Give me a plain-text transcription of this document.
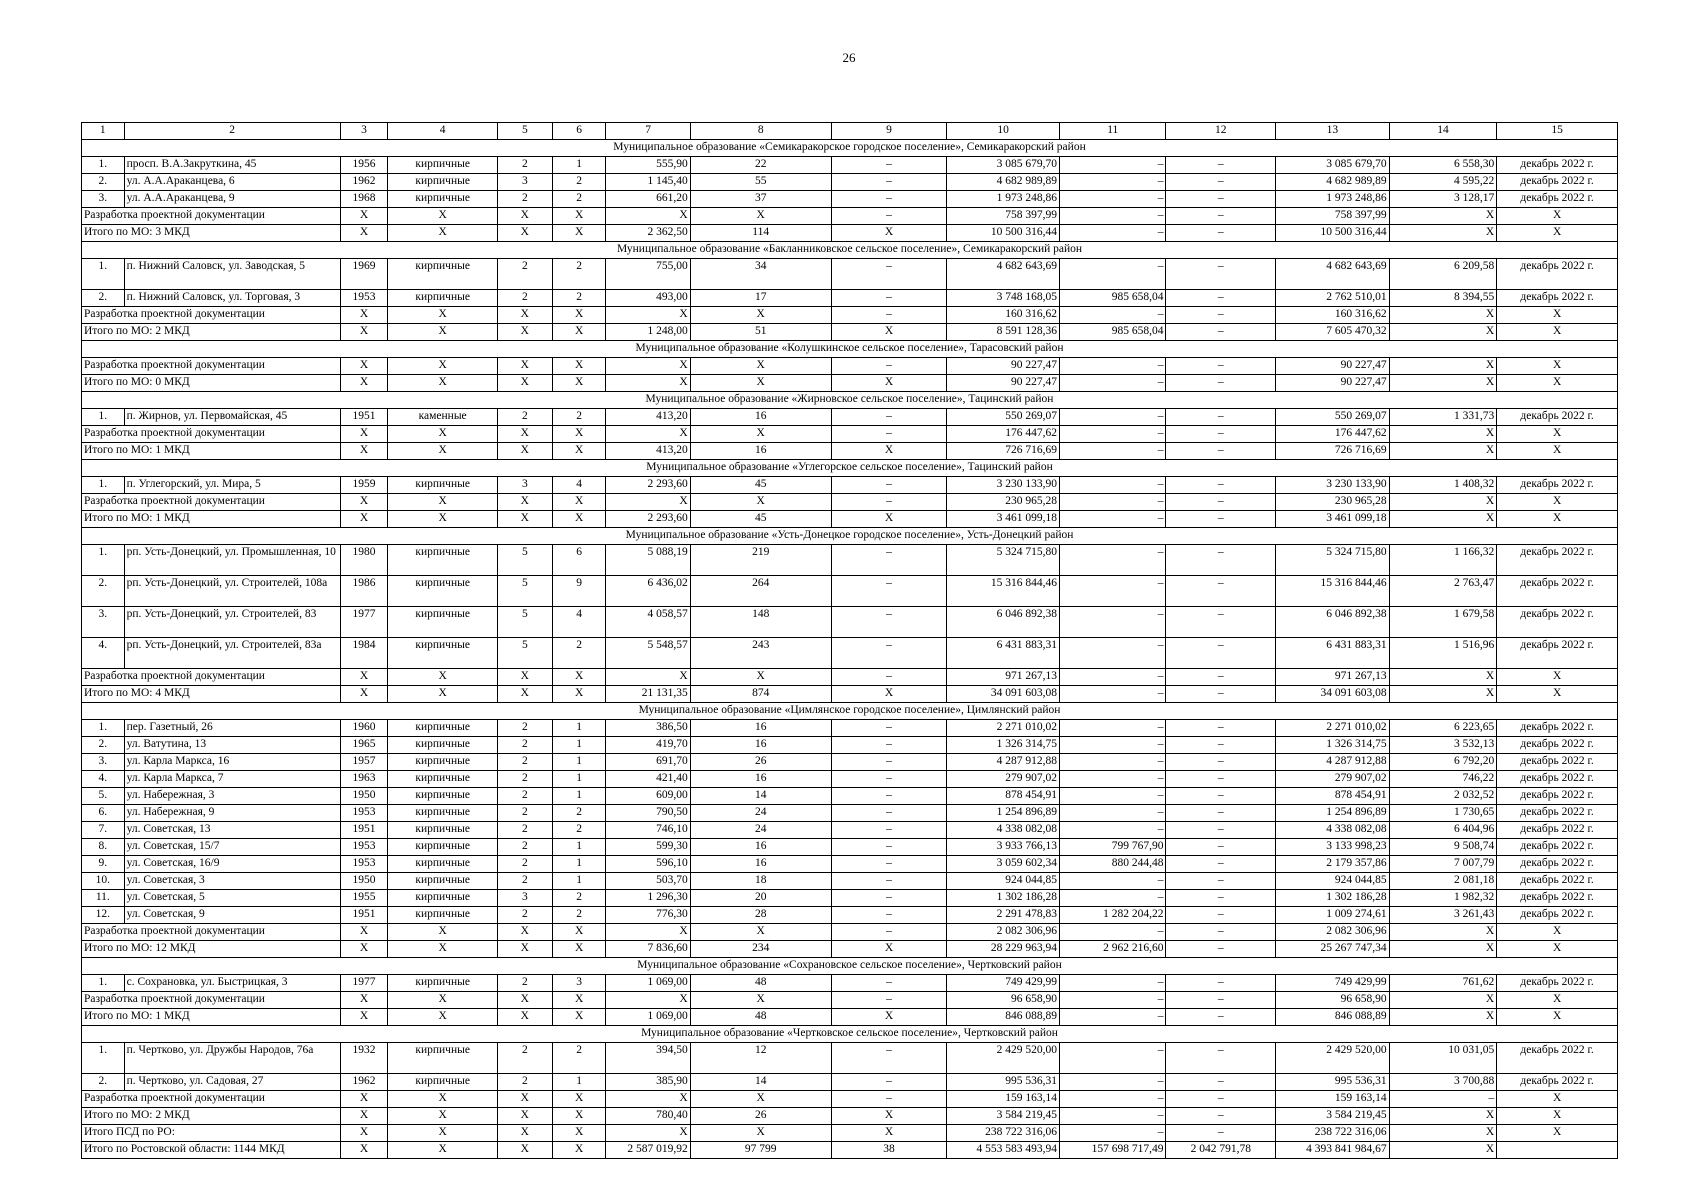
26
1	2	3	4	5	6	7	8	9	10	11	12	13	14	15
Муниципальное образование «Семикаракорское городское поселение», Семикаракорский район														
1.	просп. В.А.Закруткина, 45	1956	кирпичные	2	1	555,90	22	–	3 085 679,70	–	–	3 085 679,70	6 558,30	декабрь 2022 г.
2.	ул. А.А.Араканцева, 6	1962	кирпичные	3	2	1 145,40	55	–	4 682 989,89	–	–	4 682 989,89	4 595,22	декабрь 2022 г.
3.	ул. А.А.Араканцева, 9	1968	кирпичные	2	2	661,20	37	–	1 973 248,86	–	–	1 973 248,86	3 128,17	декабрь 2022 г.
Разработка проектной документации		X	X	X	X	X	X	–	758 397,99	–	–	758 397,99	X	X
Итого по МО: 3 МКД		X	X	X	X	2 362,50	114	X	10 500 316,44	–	–	10 500 316,44	X	X
Муниципальное образование «Бакланниковское сельское поселение», Семикаракорский район														
1.	п. Нижний Саловск, ул. Заводская, 5	1969	кирпичные	2	2	755,00	34	–	4 682 643,69	–	–	4 682 643,69	6 209,58	декабрь 2022 г.
2.	п. Нижний Саловск, ул. Торговая, 3	1953	кирпичные	2	2	493,00	17	–	3 748 168,05	985 658,04	–	2 762 510,01	8 394,55	декабрь 2022 г.
Разработка проектной документации		X	X	X	X	X	X	–	160 316,62	–	–	160 316,62	X	X
Итого по МО: 2 МКД		X	X	X	X	1 248,00	51	X	8 591 128,36	985 658,04	–	7 605 470,32	X	X
Муниципальное образование «Колушкинское сельское поселение», Тарасовский район														
Разработка проектной документации		X	X	X	X	X	X	–	90 227,47	–	–	90 227,47	X	X
Итого по МО: 0 МКД		X	X	X	X	X	X	X	90 227,47	–	–	90 227,47	X	X
Муниципальное образование «Жирновское сельское поселение», Тацинский район														
1.	п. Жирнов, ул. Первомайская, 45	1951	каменные	2	2	413,20	16	–	550 269,07	–	–	550 269,07	1 331,73	декабрь 2022 г.
Разработка проектной документации		X	X	X	X	X	X	–	176 447,62	–	–	176 447,62	X	X
Итого по МО: 1 МКД		X	X	X	X	413,20	16	X	726 716,69	–	–	726 716,69	X	X
Муниципальное образование «Углегорское сельское поселение», Тацинский район														
1.	п. Углегорский, ул. Мира, 5	1959	кирпичные	3	4	2 293,60	45	–	3 230 133,90	–	–	3 230 133,90	1 408,32	декабрь 2022 г.
Разработка проектной документации		X	X	X	X	X	X	–	230 965,28	–	–	230 965,28	X	X
Итого по МО: 1 МКД		X	X	X	X	2 293,60	45	X	3 461 099,18	–	–	3 461 099,18	X	X
Муниципальное образование «Усть-Донецкое городское поселение», Усть-Донецкий район														
1.	рп. Усть-Донецкий, ул. Промышленная, 10	1980	кирпичные	5	6	5 088,19	219	–	5 324 715,80	–	–	5 324 715,80	1 166,32	декабрь 2022 г.
2.	рп. Усть-Донецкий, ул. Строителей, 108а	1986	кирпичные	5	9	6 436,02	264	–	15 316 844,46	–	–	15 316 844,46	2 763,47	декабрь 2022 г.
3.	рп. Усть-Донецкий, ул. Строителей, 83	1977	кирпичные	5	4	4 058,57	148	–	6 046 892,38	–	–	6 046 892,38	1 679,58	декабрь 2022 г.
4.	рп. Усть-Донецкий, ул. Строителей, 83а	1984	кирпичные	5	2	5 548,57	243	–	6 431 883,31	–	–	6 431 883,31	1 516,96	декабрь 2022 г.
Разработка проектной документации		X	X	X	X	X	X	–	971 267,13	–	–	971 267,13	X	X
Итого по МО: 4 МКД		X	X	X	X	21 131,35	874	X	34 091 603,08	–	–	34 091 603,08	X	X
Муниципальное образование «Цимлянское городское поселение», Цимлянский район														
1.	пер. Газетный, 26	1960	кирпичные	2	1	386,50	16	–	2 271 010,02	–	–	2 271 010,02	6 223,65	декабрь 2022 г.
2.	ул. Ватутина, 13	1965	кирпичные	2	1	419,70	16	–	1 326 314,75	–	–	1 326 314,75	3 532,13	декабрь 2022 г.
3.	ул. Карла Маркса, 16	1957	кирпичные	2	1	691,70	26	–	4 287 912,88	–	–	4 287 912,88	6 792,20	декабрь 2022 г.
4.	ул. Карла Маркса, 7	1963	кирпичные	2	1	421,40	16	–	279 907,02	–	–	279 907,02	746,22	декабрь 2022 г.
5.	ул. Набережная, 3	1950	кирпичные	2	1	609,00	14	–	878 454,91	–	–	878 454,91	2 032,52	декабрь 2022 г.
6.	ул. Набережная, 9	1953	кирпичные	2	2	790,50	24	–	1 254 896,89	–	–	1 254 896,89	1 730,65	декабрь 2022 г.
7.	ул. Советская, 13	1951	кирпичные	2	2	746,10	24	–	4 338 082,08	–	–	4 338 082,08	6 404,96	декабрь 2022 г.
8.	ул. Советская, 15/7	1953	кирпичные	2	1	599,30	16	–	3 933 766,13	799 767,90	–	3 133 998,23	9 508,74	декабрь 2022 г.
9.	ул. Советская, 16/9	1953	кирпичные	2	1	596,10	16	–	3 059 602,34	880 244,48	–	2 179 357,86	7 007,79	декабрь 2022 г.
10.	ул. Советская, 3	1950	кирпичные	2	1	503,70	18	–	924 044,85	–	–	924 044,85	2 081,18	декабрь 2022 г.
11.	ул. Советская, 5	1955	кирпичные	3	2	1 296,30	20	–	1 302 186,28	–	–	1 302 186,28	1 982,32	декабрь 2022 г.
12.	ул. Советская, 9	1951	кирпичные	2	2	776,30	28	–	2 291 478,83	1 282 204,22	–	1 009 274,61	3 261,43	декабрь 2022 г.
Разработка проектной документации		X	X	X	X	X	X	–	2 082 306,96	–	–	2 082 306,96	X	X
Итого по МО: 12 МКД		X	X	X	X	7 836,60	234	X	28 229 963,94	2 962 216,60	–	25 267 747,34	X	X
Муниципальное образование «Сохрановское сельское поселение», Чертковский район														
1.	с. Сохрановка, ул. Быстрицкая, 3	1977	кирпичные	2	3	1 069,00	48	–	749 429,99	–	–	749 429,99	761,62	декабрь 2022 г.
Разработка проектной документации		X	X	X	X	X	X	–	96 658,90	–	–	96 658,90	X	X
Итого по МО: 1 МКД		X	X	X	X	1 069,00	48	X	846 088,89	–	–	846 088,89	X	X
Муниципальное образование «Чертковское сельское поселение», Чертковский район														
1.	п. Чертково, ул. Дружбы Народов, 76а	1932	кирпичные	2	2	394,50	12	–	2 429 520,00	–	–	2 429 520,00	10 031,05	декабрь 2022 г.
2.	п. Чертково, ул. Садовая, 27	1962	кирпичные	2	1	385,90	14	–	995 536,31	–	–	995 536,31	3 700,88	декабрь 2022 г.
Разработка проектной документации		X	X	X	X	X	X	–	159 163,14	–	–	159 163,14	–	X
Итого по МО: 2 МКД		X	X	X	X	780,40	26	X	3 584 219,45	–	–	3 584 219,45	X	X
Итого ПСД по РО:		X	X	X	X	X	X	X	238 722 316,06	–	–	238 722 316,06	X	X
Итого по Ростовской области: 1144 МКД		X	X	X	X	2 587 019,92	97 799	38	4 553 583 493,94	157 698 717,49	2 042 791,78	4 393 841 984,67	X	
